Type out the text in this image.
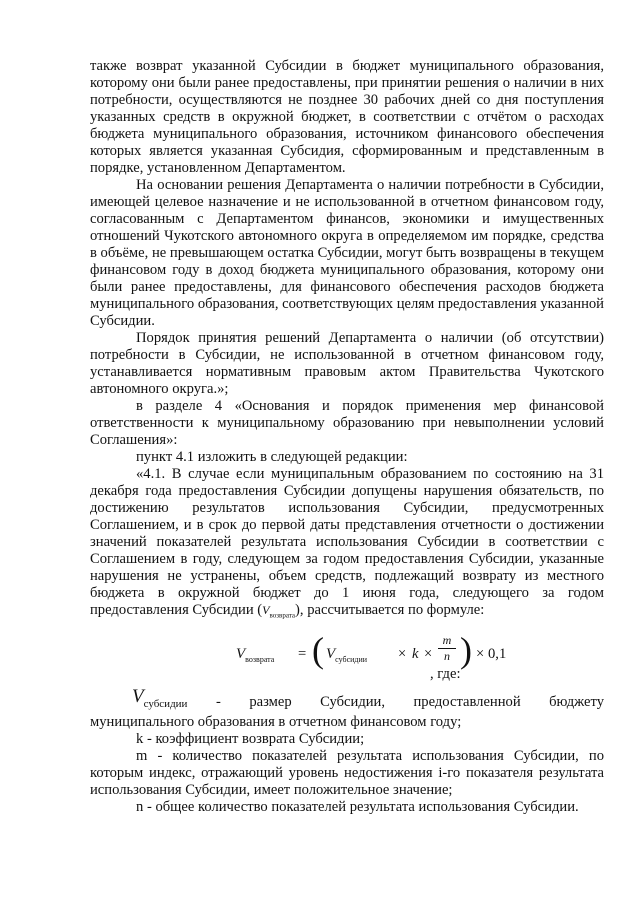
также возврат указанной Субсидии в бюджет муниципального образования, которому они были ранее предоставлены, при принятии решения о наличии в них потребности, осуществляются не позднее 30 рабочих дней со дня поступления указанных средств в окружной бюджет, в соответствии с отчётом о расходах бюджета муниципального образования, источником финансового обеспечения которых является указанная Субсидия, сформированным и представленным в порядке, установленном Департаментом.

На основании решения Департамента о наличии потребности в Субсидии, имеющей целевое назначение и не использованной в отчетном финансовом году, согласованным с Департаментом финансов, экономики и имущественных отношений Чукотского автономного округа в определяемом им порядке, средства в объёме, не превышающем остатка Субсидии, могут быть возвращены в текущем финансовом году в доход бюджета муниципального образования, которому они были ранее предоставлены, для финансового обеспечения расходов бюджета муниципального образования, соответствующих целям предоставления указанной Субсидии.

Порядок принятия решений Департамента о наличии (об отсутствии) потребности в Субсидии, не использованной в отчетном финансовом году, устанавливается нормативным правовым актом Правительства Чукотского автономного округа.»;

в разделе 4 «Основания и порядок применения мер финансовой ответственности к муниципальному образованию при невыполнении условий Соглашения»:

пункт 4.1 изложить в следующей редакции:

«4.1. В случае если муниципальным образованием по состоянию на 31 декабря года предоставления Субсидии допущены нарушения обязательств, по достижению результатов использования Субсидии, предусмотренных Соглашением, и в срок до первой даты представления отчетности о достижении значений показателей результата использования Субсидии в соответствии с Соглашением в году, следующем за годом предоставления Субсидии, указанные нарушения не устранены, объем средств, подлежащий возврату из местного бюджета в окружной бюджет до 1 июня года, следующего за годом предоставления Субсидии $(V_{возврата})$, рассчитывается по формуле:

$V_{возврата}$ = ( $V_{субсидии} \times k$ ×
m
n ) × 0,1
, где:
$V_{субсидии}$ - размер Субсидии, предоставленной бюджету

муниципального образования в отчетном финансовом году;

k - коэффициент возврата Субсидии;

m - количество показателей результата использования Субсидии, по которым индекс, отражающий уровень недостижения i-го показателя результата использования Субсидии, имеет положительное значение;

n - общее количество показателей результата использования Субсидии.
